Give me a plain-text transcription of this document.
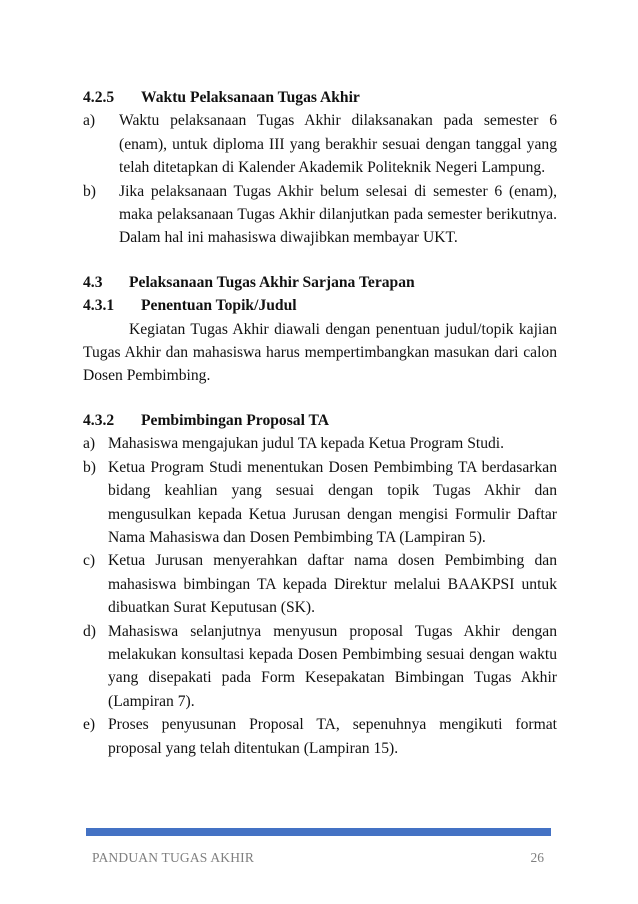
4.2.5	Waktu Pelaksanaan Tugas Akhir
a)	Waktu pelaksanaan Tugas Akhir dilaksanakan pada semester 6 (enam), untuk diploma III yang berakhir sesuai dengan tanggal yang telah ditetapkan di Kalender Akademik Politeknik Negeri Lampung.
b)	Jika pelaksanaan Tugas Akhir belum selesai di semester 6 (enam), maka pelaksanaan Tugas Akhir dilanjutkan pada semester berikutnya. Dalam hal ini mahasiswa diwajibkan membayar UKT.
4.3	Pelaksanaan Tugas Akhir Sarjana Terapan
4.3.1	Penentuan Topik/Judul
Kegiatan Tugas Akhir diawali dengan penentuan judul/topik kajian Tugas Akhir dan mahasiswa harus mempertimbangkan masukan dari calon Dosen Pembimbing.
4.3.2	Pembimbingan Proposal TA
a) Mahasiswa mengajukan judul TA kepada Ketua Program Studi.
b) Ketua Program Studi menentukan Dosen Pembimbing TA berdasarkan bidang keahlian yang sesuai dengan topik Tugas Akhir dan mengusulkan kepada Ketua Jurusan dengan mengisi Formulir Daftar Nama Mahasiswa dan Dosen Pembimbing TA (Lampiran 5).
c) Ketua Jurusan menyerahkan daftar nama dosen Pembimbing dan mahasiswa bimbingan TA kepada Direktur melalui BAAKPSI untuk dibuatkan Surat Keputusan (SK).
d) Mahasiswa selanjutnya menyusun proposal Tugas Akhir dengan melakukan konsultasi kepada Dosen Pembimbing sesuai dengan waktu yang disepakati pada Form Kesepakatan Bimbingan Tugas Akhir (Lampiran 7).
e) Proses penyusunan Proposal TA, sepenuhnya mengikuti format proposal yang telah ditentukan (Lampiran 15).
PANDUAN TUGAS AKHIR	26
